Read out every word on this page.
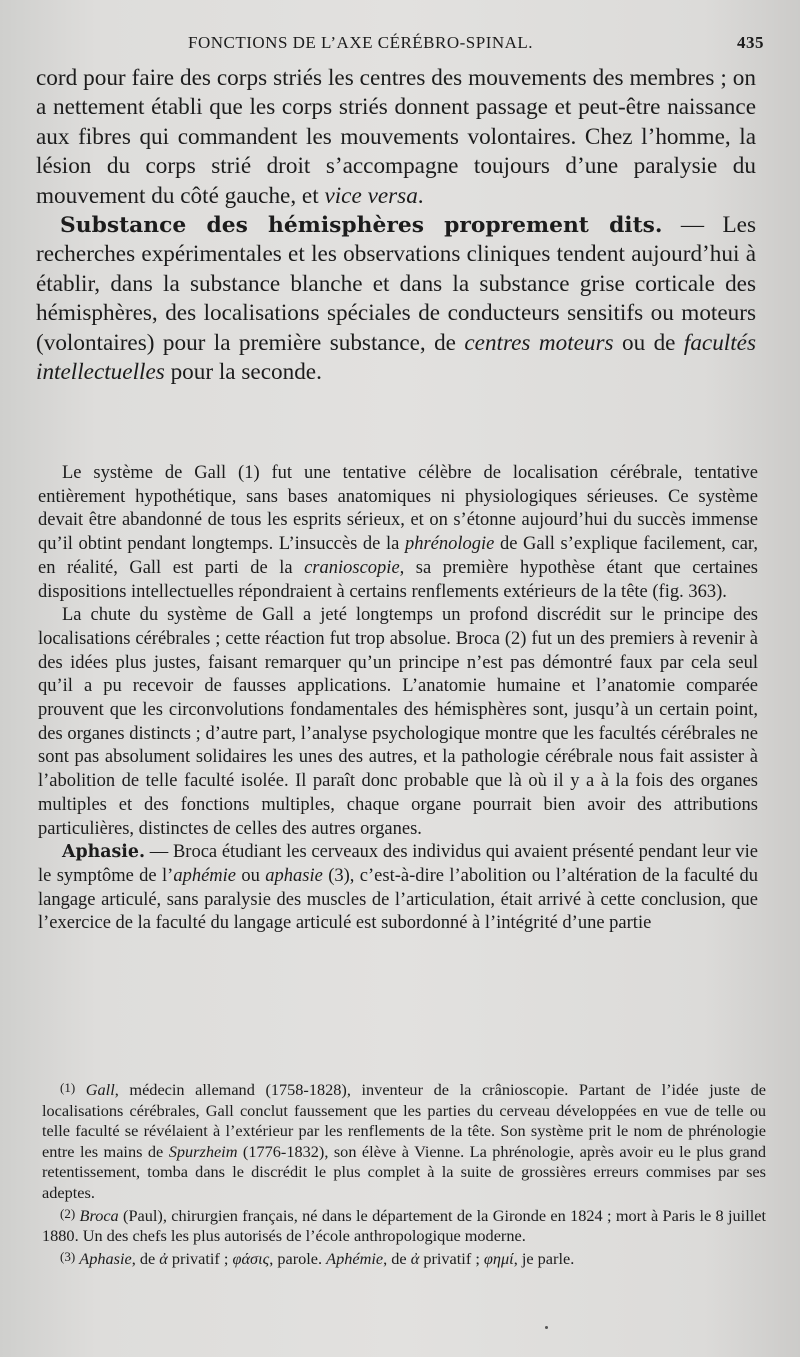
FONCTIONS DE L’AXE CÉRÉBRO-SPINAL.	435

cord pour faire des corps striés les centres des mouvements des membres ; on a nettement établi que les corps striés donnent passage et peut-être naissance aux fibres qui commandent les mouvements volontaires. Chez l’homme, la lésion du corps strié droit s’accompagne toujours d’une paralysie du mouvement du côté gauche, et vice versa.

Substance des hémisphères proprement dits. — Les recherches expérimentales et les observations cliniques tendent aujourd’hui à établir, dans la substance blanche et dans la substance grise corticale des hémisphères, des localisations spéciales de conducteurs sensitifs ou moteurs (volontaires) pour la première substance, de centres moteurs ou de facultés intellectuelles pour la seconde.

Le système de Gall (1) fut une tentative célèbre de localisation cérébrale, tentative entièrement hypothétique, sans bases anatomiques ni physiologiques sérieuses. Ce système devait être abandonné de tous les esprits sérieux, et on s’étonne aujourd’hui du succès immense qu’il obtint pendant longtemps. L’insuccès de la phrénologie de Gall s’explique facilement, car, en réalité, Gall est parti de la cranioscopie, sa première hypothèse étant que certaines dispositions intellectuelles répondraient à certains renflements extérieurs de la tête (fig. 363).

La chute du système de Gall a jeté longtemps un profond discrédit sur le principe des localisations cérébrales ; cette réaction fut trop absolue. Broca (2) fut un des premiers à revenir à des idées plus justes, faisant remarquer qu’un principe n’est pas démontré faux par cela seul qu’il a pu recevoir de fausses applications. L’anatomie humaine et l’anatomie comparée prouvent que les circonvolutions fondamentales des hémisphères sont, jusqu’à un certain point, des organes distincts ; d’autre part, l’analyse psychologique montre que les facultés cérébrales ne sont pas absolument solidaires les unes des autres, et la pathologie cérébrale nous fait assister à l’abolition de telle faculté isolée. Il paraît donc probable que là où il y a à la fois des organes multiples et des fonctions multiples, chaque organe pourrait bien avoir des attributions particulières, distinctes de celles des autres organes.

Aphasie. — Broca étudiant les cerveaux des individus qui avaient présenté pendant leur vie le symptôme de l’aphémie ou aphasie (3), c’est-à-dire l’abolition ou l’altération de la faculté du langage articulé, sans paralysie des muscles de l’articulation, était arrivé à cette conclusion, que l’exercice de la faculté du langage articulé est subordonné à l’intégrité d’une partie

(1) Gall, médecin allemand (1758-1828), inventeur de la crânioscopie. Partant de l’idée juste de localisations cérébrales, Gall conclut faussement que les parties du cerveau développées en vue de telle ou telle faculté se révélaient à l’extérieur par les renflements de la tête. Son système prit le nom de phrénologie entre les mains de Spurzheim (1776-1832), son élève à Vienne. La phrénologie, après avoir eu le plus grand retentissement, tomba dans le discrédit le plus complet à la suite de grossières erreurs commises par ses adeptes.

(2) Broca (Paul), chirurgien français, né dans le département de la Gironde en 1824 ; mort à Paris le 8 juillet 1880. Un des chefs les plus autorisés de l’école anthropologique moderne.

(3) Aphasie, de ἀ privatif ; φάσις, parole. Aphémie, de ἀ privatif ; φημί, je parle.
